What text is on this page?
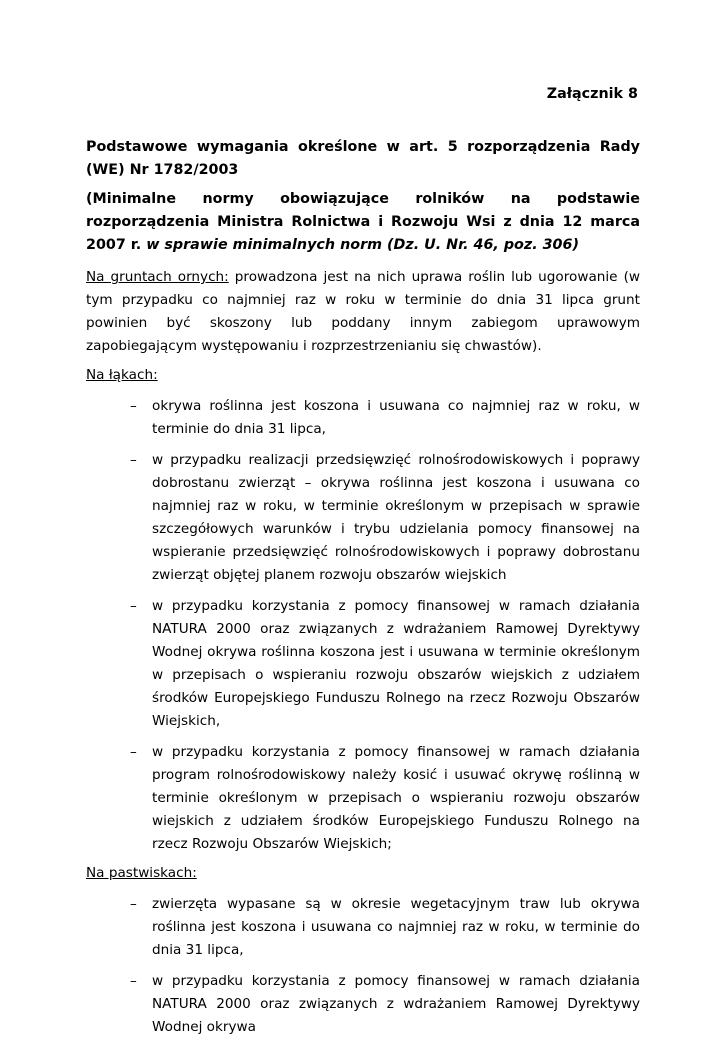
Załącznik 8

Podstawowe wymagania określone w art. 5 rozporządzenia Rady (WE) Nr 1782/2003

(Minimalne normy obowiązujące rolników na podstawie rozporządzenia Ministra Rolnictwa i Rozwoju Wsi z dnia 12 marca 2007 r. w sprawie minimalnych norm (Dz. U. Nr. 46, poz. 306)

Na gruntach ornych: prowadzona jest na nich uprawa roślin lub ugorowanie (w tym przypadku co najmniej raz w roku w terminie do dnia 31 lipca grunt powinien być skoszony lub poddany innym zabiegom uprawowym zapobiegającym występowaniu i rozprzestrzenianiu się chwastów).

Na łąkach:

– okrywa roślinna jest koszona i usuwana co najmniej raz w roku, w terminie do dnia 31 lipca,
– w przypadku realizacji przedsięwzięć rolnośrodowiskowych i poprawy dobrostanu zwierząt – okrywa roślinna jest koszona i usuwana co najmniej raz w roku, w terminie określonym w przepisach w sprawie szczegółowych warunków i trybu udzielania pomocy finansowej na wspieranie przedsięwzięć rolnośrodowiskowych i poprawy dobrostanu zwierząt objętej planem rozwoju obszarów wiejskich
– w przypadku korzystania z pomocy finansowej w ramach działania NATURA 2000 oraz związanych z wdrażaniem Ramowej Dyrektywy Wodnej okrywa roślinna koszona jest i usuwana w terminie określonym w przepisach o wspieraniu rozwoju obszarów wiejskich z udziałem środków Europejskiego Funduszu Rolnego na rzecz Rozwoju Obszarów Wiejskich,
– w przypadku korzystania z pomocy finansowej w ramach działania program rolnośrodowiskowy należy kosić i usuwać okrywę roślinną w terminie określonym w przepisach o wspieraniu rozwoju obszarów wiejskich z udziałem środków Europejskiego Funduszu Rolnego na rzecz Rozwoju Obszarów Wiejskich;

Na pastwiskach:

– zwierzęta wypasane są w okresie wegetacyjnym traw lub okrywa roślinna jest koszona i usuwana co najmniej raz w roku, w terminie do dnia 31 lipca,
– w przypadku korzystania z pomocy finansowej w ramach działania NATURA 2000 oraz związanych z wdrażaniem Ramowej Dyrektywy Wodnej okrywa
